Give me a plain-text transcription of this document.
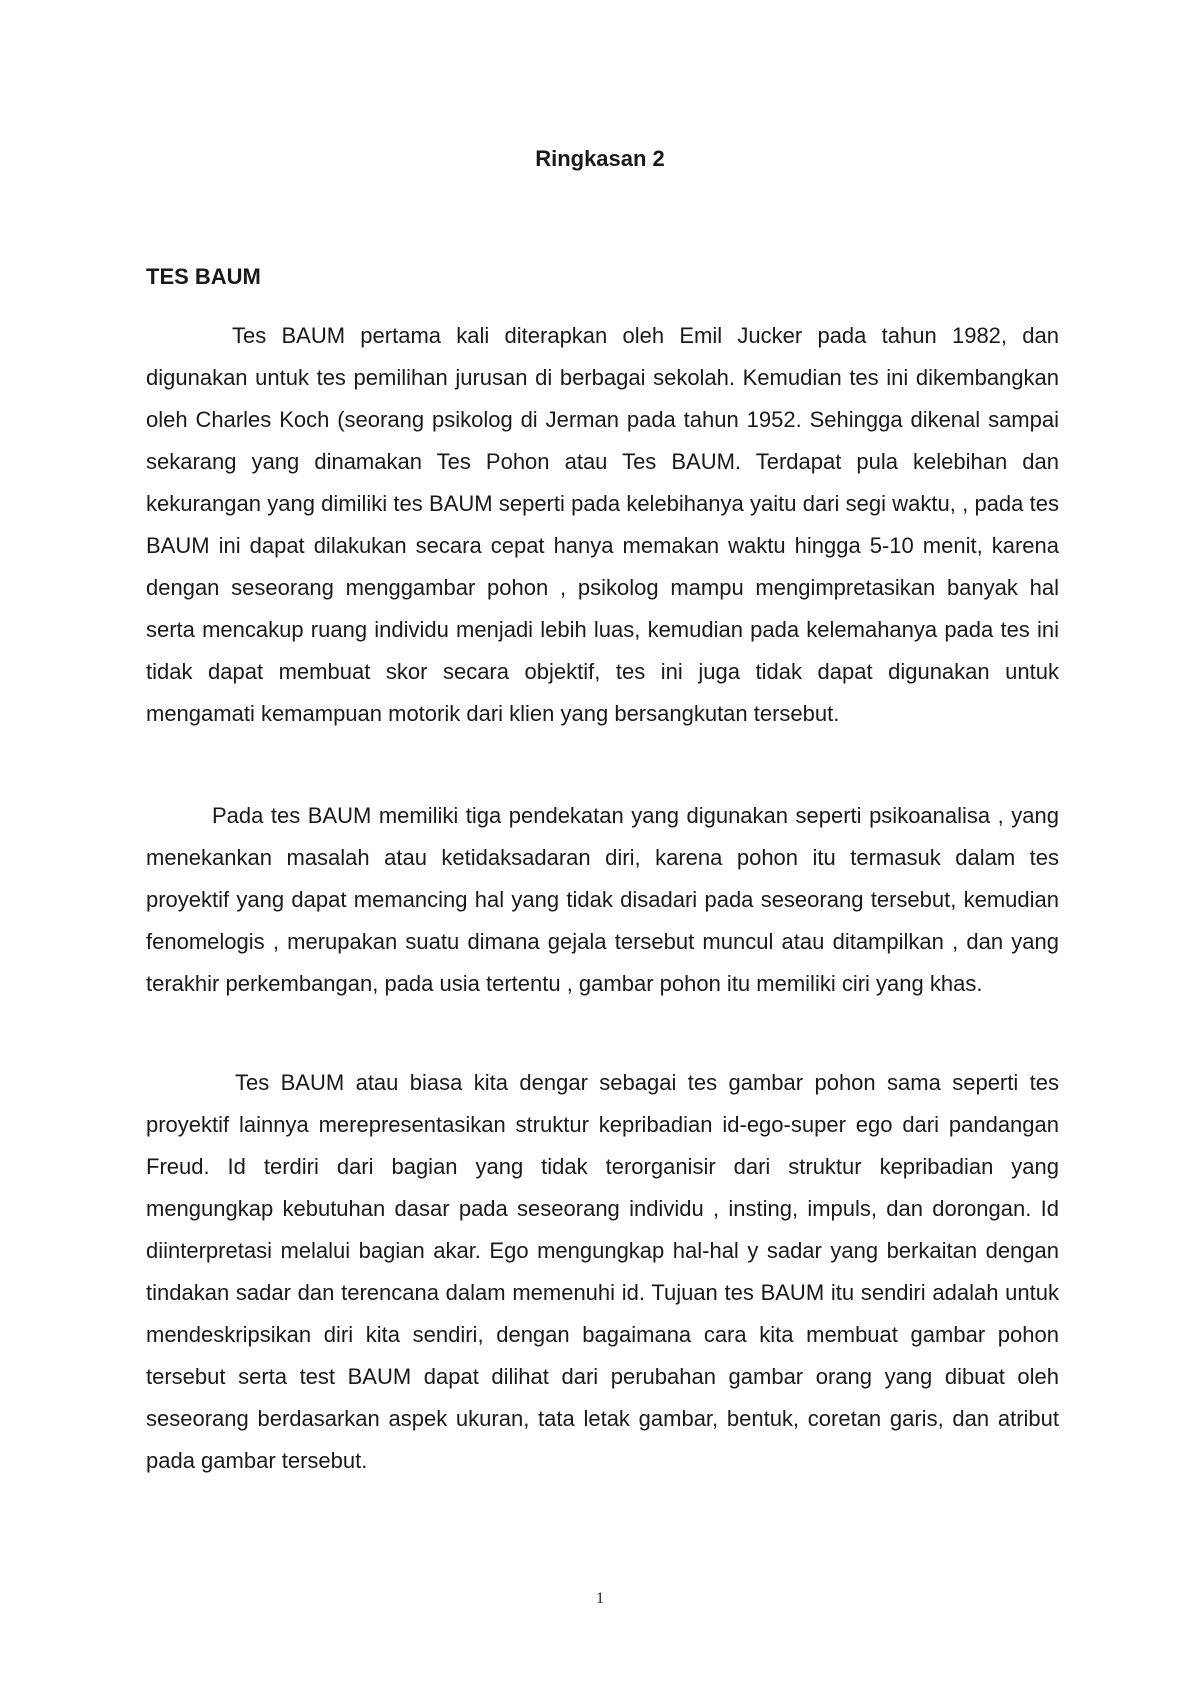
Ringkasan 2
TES BAUM

Tes BAUM pertama kali diterapkan oleh Emil Jucker pada tahun 1982, dan digunakan untuk tes pemilihan jurusan di berbagai sekolah. Kemudian tes ini dikembangkan oleh Charles Koch (seorang psikolog di Jerman pada tahun 1952. Sehingga dikenal sampai sekarang yang dinamakan Tes Pohon atau Tes BAUM. Terdapat pula kelebihan dan kekurangan yang dimiliki tes BAUM seperti pada kelebihanya yaitu dari segi waktu, , pada tes BAUM ini dapat dilakukan secara cepat hanya memakan waktu hingga 5-10 menit, karena dengan seseorang menggambar pohon , psikolog mampu mengimpretasikan banyak hal serta mencakup ruang individu menjadi lebih luas, kemudian pada kelemahanya pada tes ini tidak dapat membuat skor secara objektif, tes ini juga tidak dapat digunakan untuk mengamati kemampuan motorik dari klien yang bersangkutan tersebut.

Pada tes BAUM memiliki tiga pendekatan yang digunakan seperti psikoanalisa , yang menekankan masalah atau ketidaksadaran diri, karena pohon itu termasuk dalam tes proyektif yang dapat memancing hal yang tidak disadari pada seseorang tersebut, kemudian fenomelogis , merupakan suatu dimana gejala tersebut muncul atau ditampilkan , dan yang terakhir perkembangan, pada usia tertentu , gambar pohon itu memiliki ciri yang khas.

Tes BAUM atau biasa kita dengar sebagai tes gambar pohon sama seperti tes proyektif lainnya merepresentasikan struktur kepribadian id-ego-super ego dari pandangan Freud. Id terdiri dari bagian yang tidak terorganisir dari struktur kepribadian yang mengungkap kebutuhan dasar pada seseorang individu , insting, impuls, dan dorongan. Id diinterpretasi melalui bagian akar. Ego mengungkap hal-hal y sadar yang berkaitan dengan tindakan sadar dan terencana dalam memenuhi id. Tujuan tes BAUM itu sendiri adalah untuk mendeskripsikan diri kita sendiri, dengan bagaimana cara kita membuat gambar pohon tersebut serta test BAUM dapat dilihat dari perubahan gambar orang yang dibuat oleh seseorang berdasarkan aspek ukuran, tata letak gambar, bentuk, coretan garis, dan atribut pada gambar tersebut.

1
